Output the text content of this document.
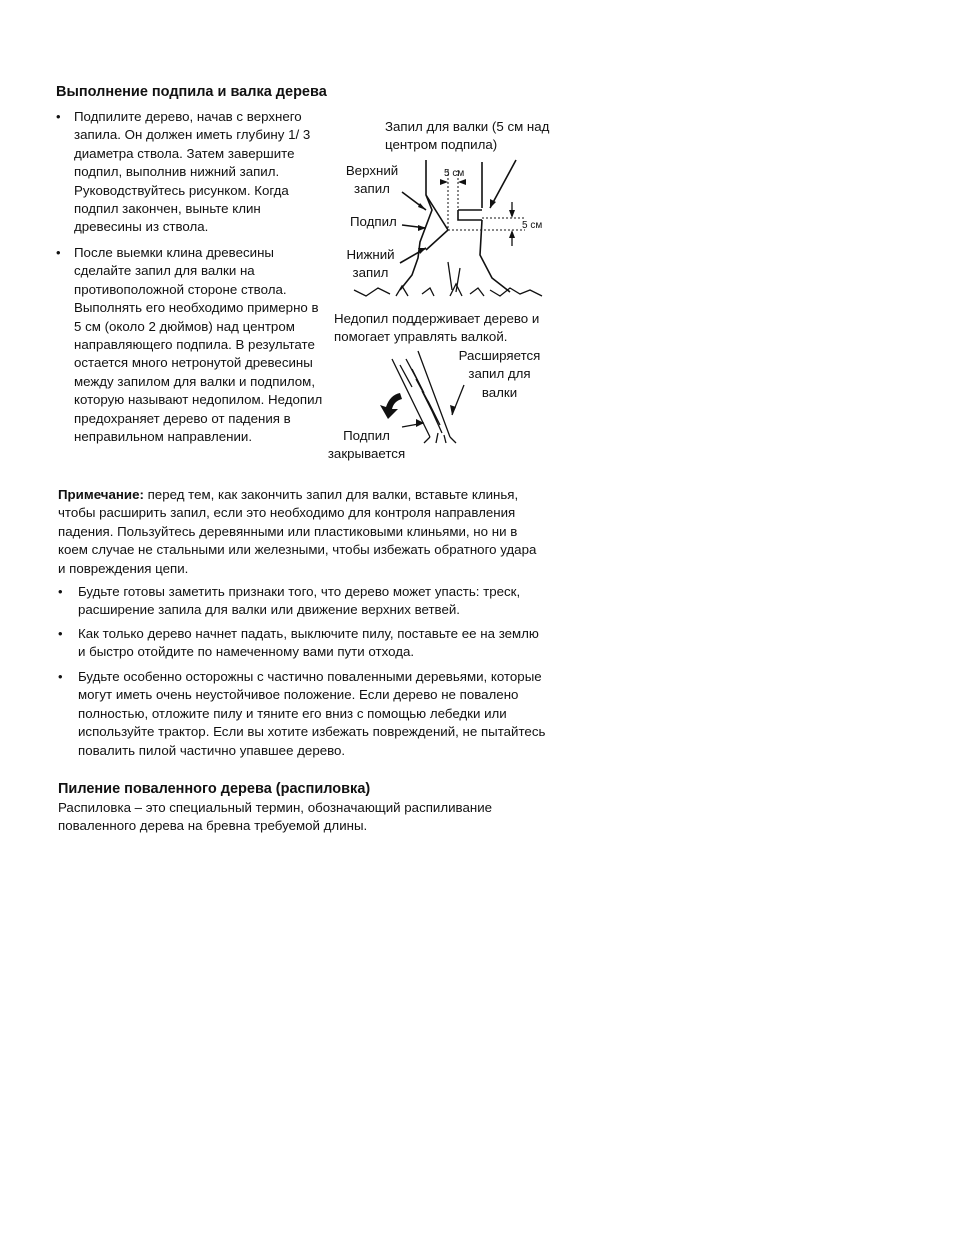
Выполнение подпила и валка дерева
• Подпилите дерево, начав с верхнего запила. Он должен иметь глубину 1/ 3 диаметра ствола. Затем завершите подпил, выполнив нижний запил. Руководствуйтесь рисунком. Когда подпил закончен, выньте клин древесины из ствола.
• После выемки клина древесины сделайте запил для валки на противоположной стороне ствола. Выполнять его необходимо примерно в 5 см (около 2 дюймов) над центром направляющего подпила. В результате остается много нетронутой древесины между запилом для валки и подпилом, которую называют недопилом. Недопил предохраняет дерево от падения в неправильном направлении.
Запил для валки (5 см над центром подпила)
Верхний запил
Подпил
Нижний запил
5 см
5 см
Недопил поддерживает дерево и помогает управлять валкой.
Расширяется запил для валки
Подпил закрывается
Примечание: перед тем, как закончить запил для валки, вставьте клинья, чтобы расширить запил, если это необходимо для контроля направления падения. Пользуйтесь деревянными или пластиковыми клиньями, но ни в коем случае не стальными или железными, чтобы избежать обратного удара и повреждения цепи.
• Будьте готовы заметить признаки того, что дерево может упасть: треск, расширение запила для валки или движение верхних ветвей.
• Как только дерево начнет падать, выключите пилу, поставьте ее на землю и быстро отойдите по намеченному вами пути отхода.
• Будьте особенно осторожны с частично поваленными деревьями, которые могут иметь очень неустойчивое положение. Если дерево не повалено полностью, отложите пилу и тяните его вниз с помощью лебедки или используйте трактор. Если вы хотите избежать повреждений, не пытайтесь повалить пилой частично упавшее дерево.
Пиление поваленного дерева (распиловка)
Распиловка – это специальный термин, обозначающий распиливание поваленного дерева на бревна требуемой длины.
